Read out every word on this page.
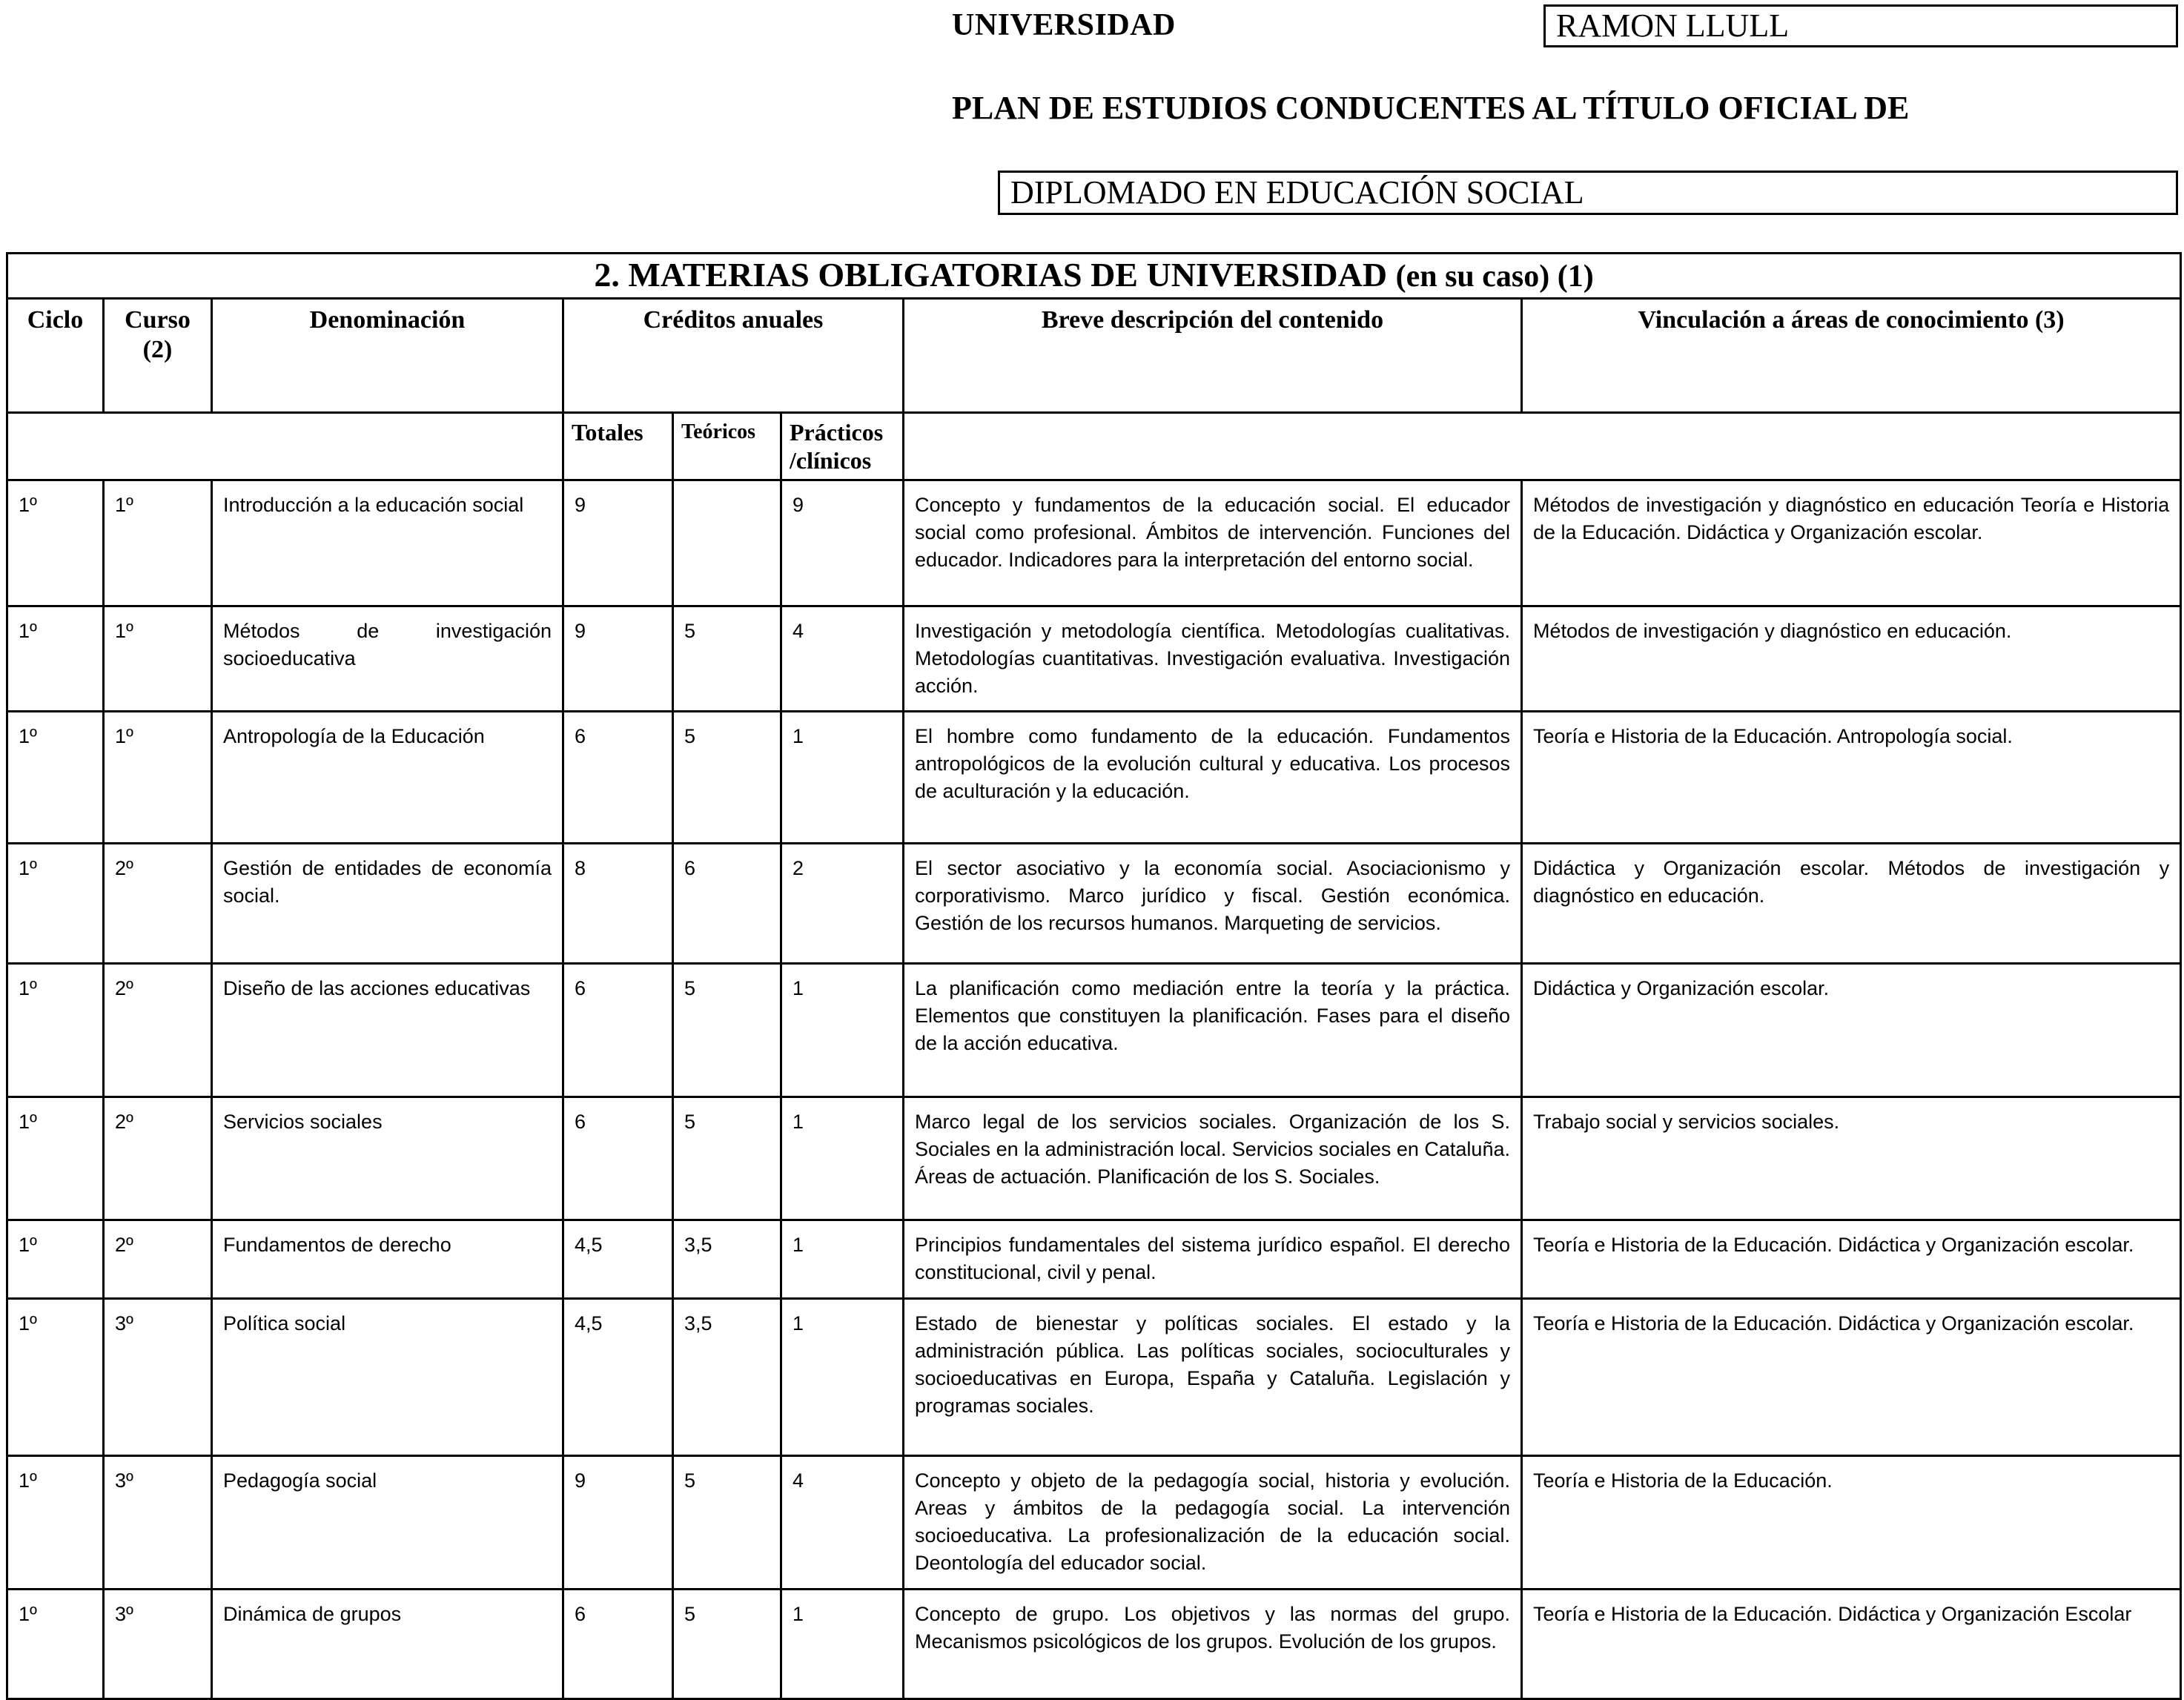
UNIVERSIDAD	RAMON LLULL
PLAN DE ESTUDIOS CONDUCENTES AL TÍTULO OFICIAL DE
DIPLOMADO EN EDUCACIÓN SOCIAL
2. MATERIAS OBLIGATORIAS DE UNIVERSIDAD (en su caso) (1)							
Ciclo	Curso (2)	Denominación	Créditos anuales			Breve descripción del contenido	Vinculación a áreas de conocimiento (3)
			Totales	Teóricos	Prácticos /clínicos		
1º	1º	Introducción a la educación social	9		9	Concepto y fundamentos de la educación social. El educador social como profesional. Ámbitos de intervención. Funciones del educador. Indicadores para la interpretación del entorno social.	Métodos de investigación y diagnóstico en educación Teoría e Historia de la Educación. Didáctica y Organización escolar.
1º	1º	Métodos de investigación socioeducativa	9	5	4	Investigación y metodología científica. Metodologías cualitativas. Metodologías cuantitativas. Investigación evaluativa. Investigación acción.	Métodos de investigación y diagnóstico en educación.
1º	1º	Antropología de la Educación	6	5	1	El hombre como fundamento de la educación. Fundamentos antropológicos de la evolución cultural y educativa. Los procesos de aculturación y la educación.	Teoría e Historia de la Educación. Antropología social.
1º	2º	Gestión de entidades de economía social.	8	6	2	El sector asociativo y la economía social. Asociacionismo y corporativismo. Marco jurídico y fiscal. Gestión económica. Gestión de los recursos humanos. Marqueting de servicios.	Didáctica y Organización escolar. Métodos de investigación y diagnóstico en educación.
1º	2º	Diseño de las acciones educativas	6	5	1	La planificación como mediación entre la teoría y la práctica. Elementos que constituyen la planificación. Fases para el diseño de la acción educativa.	Didáctica y Organización escolar.
1º	2º	Servicios sociales	6	5	1	Marco legal de los servicios sociales. Organización de los S. Sociales en la administración local. Servicios sociales en Cataluña. Áreas de actuación. Planificación de los S. Sociales.	Trabajo social y servicios sociales.
1º	2º	Fundamentos de derecho	4,5	3,5	1	Principios fundamentales del sistema jurídico español. El derecho constitucional, civil y penal.	Teoría e Historia de la Educación. Didáctica y Organización escolar.
1º	3º	Política social	4,5	3,5	1	Estado de bienestar y políticas sociales. El estado y la administración pública. Las políticas sociales, socioculturales y socioeducativas en Europa, España y Cataluña. Legislación y programas sociales.	Teoría e Historia de la Educación. Didáctica y Organización escolar.
1º	3º	Pedagogía social	9	5	4	Concepto y objeto de la pedagogía social, historia y evolución. Areas y ámbitos de la pedagogía social. La intervención socioeducativa. La profesionalización de la educación social. Deontología del educador social.	Teoría e Historia de la Educación.
1º	3º	Dinámica de grupos	6	5	1	Concepto de grupo. Los objetivos y las normas del grupo. Mecanismos psicológicos de los grupos. Evolución de los grupos.	Teoría e Historia de la Educación. Didáctica y Organización Escolar
